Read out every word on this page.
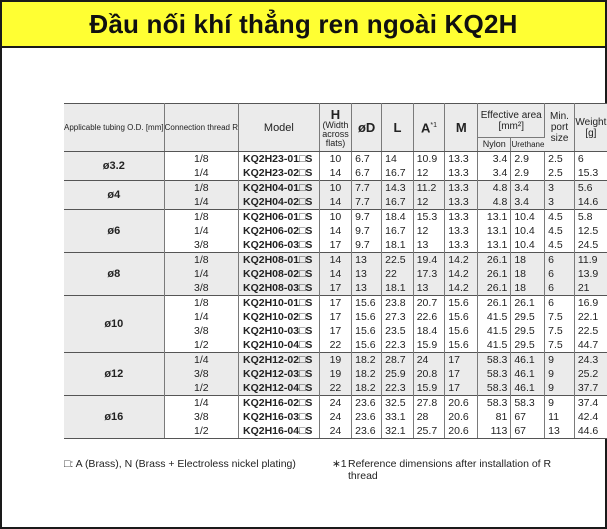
Đầu nối khí thẳng ren ngoài KQ2H
Applicable tubing O.D. [mm]	Connection thread R	Model	H
(Width across flats)	øD	L	$A^{*1}$	M	Effective area [mm²]		Min. port size	Weight [g]
								Nylon	Urethane		
ø3.2	1/8	KQ2H23-01□S	10	6.7	14	10.9	13.3	3.4	2.9	2.5	6
	1/4	KQ2H23-02□S	14	6.7	16.7	12	13.3	3.4	2.9	2.5	15.3
ø4	1/8	KQ2H04-01□S	10	7.7	14.3	11.2	13.3	4.8	3.4	3	5.6
	1/4	KQ2H04-02□S	14	7.7	16.7	12	13.3	4.8	3.4	3	14.6
ø6	1/8	KQ2H06-01□S	10	9.7	18.4	15.3	13.3	13.1	10.4	4.5	5.8
	1/4	KQ2H06-02□S	14	9.7	16.7	12	13.3	13.1	10.4	4.5	12.5
	3/8	KQ2H06-03□S	17	9.7	18.1	13	13.3	13.1	10.4	4.5	24.5
ø8	1/8	KQ2H08-01□S	14	13	22.5	19.4	14.2	26.1	18	6	11.9
	1/4	KQ2H08-02□S	14	13	22	17.3	14.2	26.1	18	6	13.9
	3/8	KQ2H08-03□S	17	13	18.1	13	14.2	26.1	18	6	21
ø10	1/8	KQ2H10-01□S	17	15.6	23.8	20.7	15.6	26.1	26.1	6	16.9
	1/4	KQ2H10-02□S	17	15.6	27.3	22.6	15.6	41.5	29.5	7.5	22.1
	3/8	KQ2H10-03□S	17	15.6	23.5	18.4	15.6	41.5	29.5	7.5	22.5
	1/2	KQ2H10-04□S	22	15.6	22.3	15.9	15.6	41.5	29.5	7.5	44.7
ø12	1/4	KQ2H12-02□S	19	18.2	28.7	24	17	58.3	46.1	9	24.3
	3/8	KQ2H12-03□S	19	18.2	25.9	20.8	17	58.3	46.1	9	25.2
	1/2	KQ2H12-04□S	22	18.2	22.3	15.9	17	58.3	46.1	9	37.7
ø16	1/4	KQ2H16-02□S	24	23.6	32.5	27.8	20.6	58.3	58.3	9	37.4
	3/8	KQ2H16-03□S	24	23.6	33.1	28	20.6	81	67	11	42.4
	1/2	KQ2H16-04□S	24	23.6	32.1	25.7	20.6	113	67	13	44.6
□: A (Brass), N (Brass + Electroless nickel plating)	∗1 Reference dimensions after installation of R thread
